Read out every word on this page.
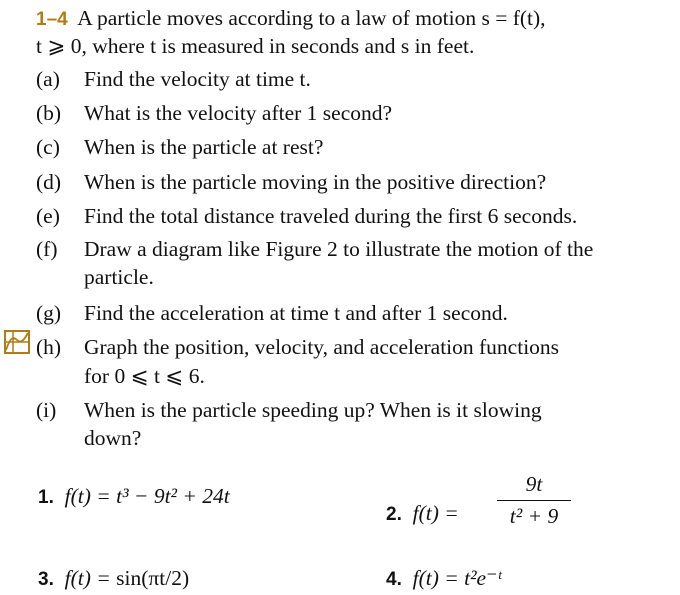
1–4 A particle moves according to a law of motion s = f(t),
t ⩾ 0, where t is measured in seconds and s in feet.
(a) Find the velocity at time t.
(b) What is the velocity after 1 second?
(c) When is the particle at rest?
(d) When is the particle moving in the positive direction?
(e) Find the total distance traveled during the first 6 seconds.
(f) Draw a diagram like Figure 2 to illustrate the motion of the
particle.
(g) Find the acceleration at time t and after 1 second.
(h) Graph the position, velocity, and acceleration functions
for 0 ⩽ t ⩽ 6.
(i) When is the particle speeding up? When is it slowing
down?
1. f(t) = t³ − 9t² + 24t
2. f(t) =
9t
t² + 9
3. f(t) = sin(πt/2)	4. f(t) = t²e⁻ᵗ
